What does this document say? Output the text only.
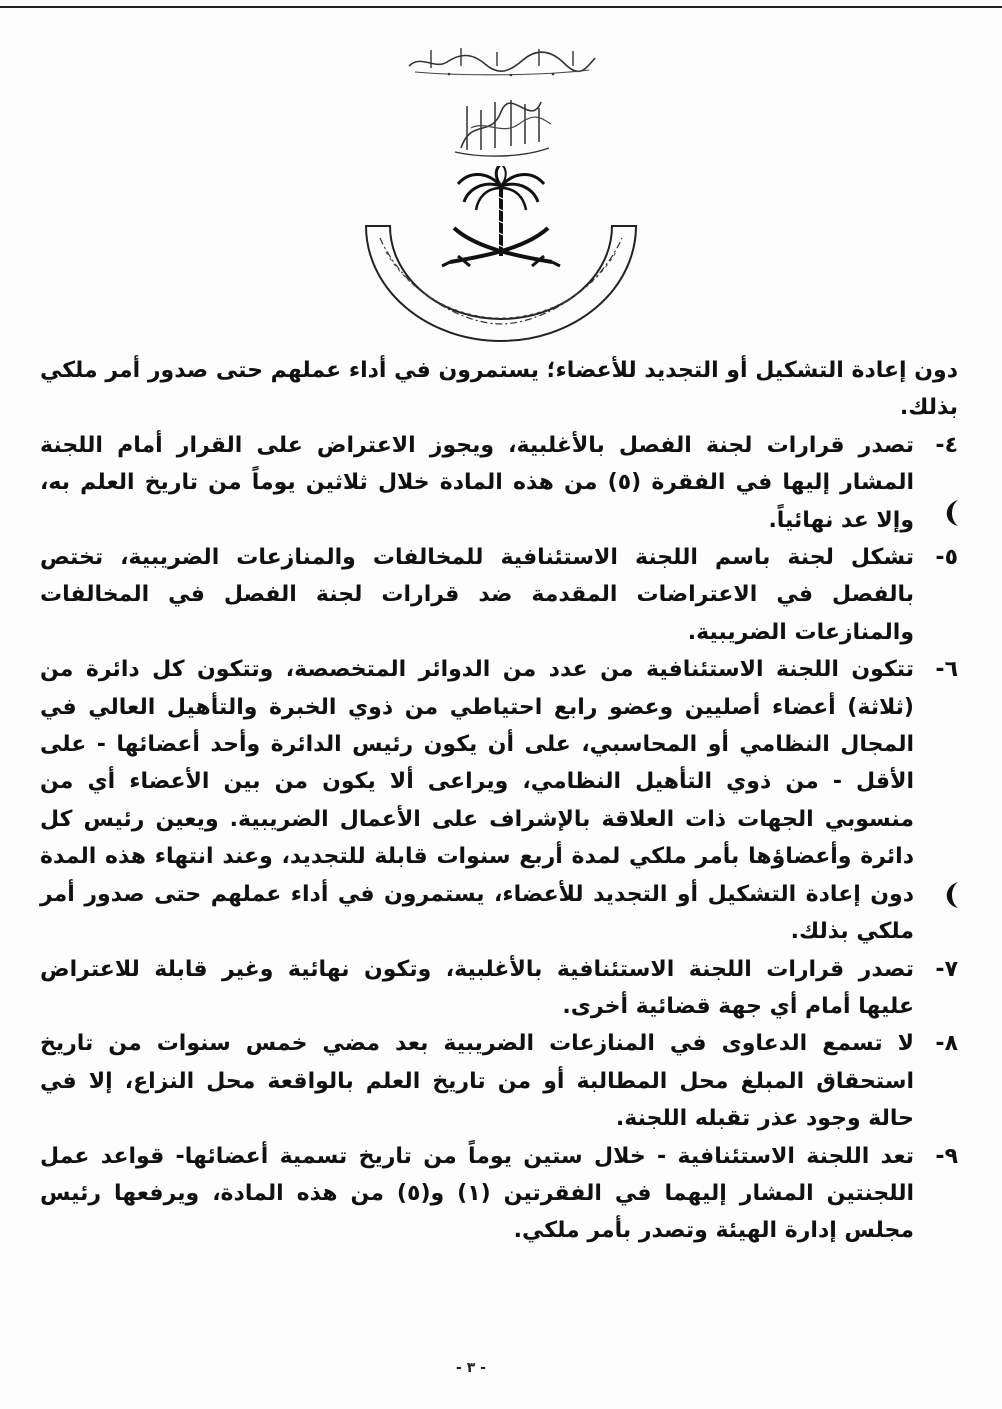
دون إعادة التشكيل أو التجديد للأعضاء؛ يستمرون في أداء عملهم حتى صدور أمر ملكي بذلك.

٤-
تصدر قرارات لجنة الفصل بالأغلبية، ويجوز الاعتراض على القرار أمام اللجنة المشار إليها في الفقرة (٥) من هذه المادة خلال ثلاثين يوماً من تاريخ العلم به، وإلا عد نهائياً.
٥-
تشكل لجنة باسم اللجنة الاستئنافية للمخالفات والمنازعات الضريبية، تختص بالفصل في الاعتراضات المقدمة ضد قرارات لجنة الفصل في المخالفات والمنازعات الضريبية.
٦-
تتكون اللجنة الاستئنافية من عدد من الدوائر المتخصصة، وتتكون كل دائرة من (ثلاثة) أعضاء أصليين وعضو رابع احتياطي من ذوي الخبرة والتأهيل العالي في المجال النظامي أو المحاسبي، على أن يكون رئيس الدائرة وأحد أعضائها - على الأقل - من ذوي التأهيل النظامي، ويراعى ألا يكون من بين الأعضاء أي من منسوبي الجهات ذات العلاقة بالإشراف على الأعمال الضريبية. ويعين رئيس كل دائرة وأعضاؤها بأمر ملكي لمدة أربع سنوات قابلة للتجديد، وعند انتهاء هذه المدة دون إعادة التشكيل أو التجديد للأعضاء، يستمرون في أداء عملهم حتى صدور أمر ملكي بذلك.
٧-
تصدر قرارات اللجنة الاستئنافية بالأغلبية، وتكون نهائية وغير قابلة للاعتراض عليها أمام أي جهة قضائية أخرى.
٨-
لا تسمع الدعاوى في المنازعات الضريبية بعد مضي خمس سنوات من تاريخ استحقاق المبلغ محل المطالبة أو من تاريخ العلم بالواقعة محل النزاع، إلا في حالة وجود عذر تقبله اللجنة.
٩-
تعد اللجنة الاستئنافية - خلال ستين يوماً من تاريخ تسمية أعضائها- قواعد عمل اللجنتين المشار إليهما في الفقرتين (١) و(٥) من هذه المادة، ويرفعها رئيس مجلس إدارة الهيئة وتصدر بأمر ملكي.
- ٣ -
